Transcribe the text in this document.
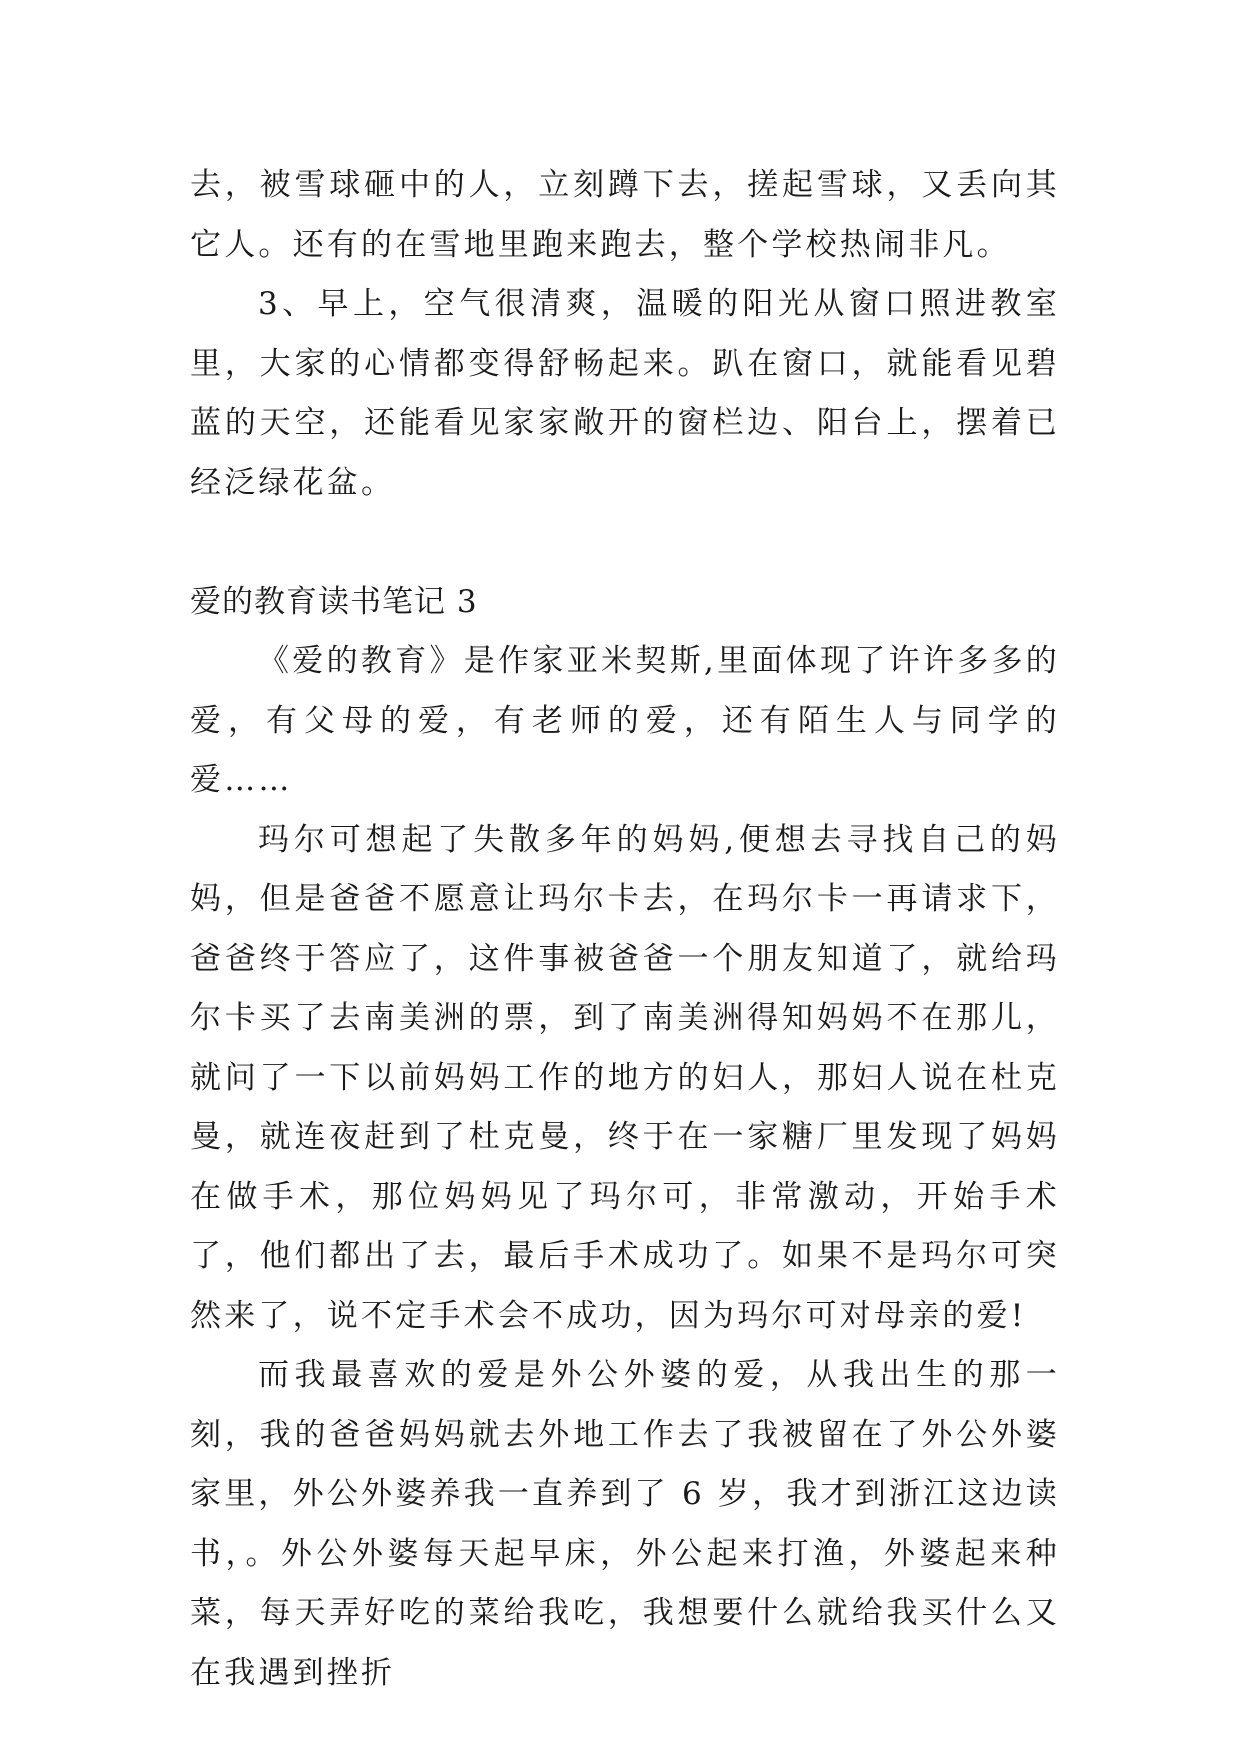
去，被雪球砸中的人，立刻蹲下去，搓起雪球，又丢向其它人。还有的在雪地里跑来跑去，整个学校热闹非凡。

3、早上，空气很清爽，温暖的阳光从窗口照进教室里，大家的心情都变得舒畅起来。趴在窗口，就能看见碧蓝的天空，还能看见家家敞开的窗栏边、阳台上，摆着已经泛绿花盆。

爱的教育读书笔记 3

《爱的教育》是作家亚米契斯,里面体现了许许多多的爱，有父母的爱，有老师的爱，还有陌生人与同学的爱……

玛尔可想起了失散多年的妈妈,便想去寻找自己的妈妈，但是爸爸不愿意让玛尔卡去，在玛尔卡一再请求下，爸爸终于答应了，这件事被爸爸一个朋友知道了，就给玛尔卡买了去南美洲的票，到了南美洲得知妈妈不在那儿，就问了一下以前妈妈工作的地方的妇人，那妇人说在杜克曼，就连夜赶到了杜克曼，终于在一家糖厂里发现了妈妈在做手术，那位妈妈见了玛尔可，非常激动，开始手术了，他们都出了去，最后手术成功了。如果不是玛尔可突然来了，说不定手术会不成功，因为玛尔可对母亲的爱!

而我最喜欢的爱是外公外婆的爱，从我出生的那一刻，我的爸爸妈妈就去外地工作去了我被留在了外公外婆家里，外公外婆养我一直养到了 6 岁，我才到浙江这边读书，。外公外婆每天起早床，外公起来打渔，外婆起来种菜，每天弄好吃的菜给我吃，我想要什么就给我买什么又在我遇到挫折
